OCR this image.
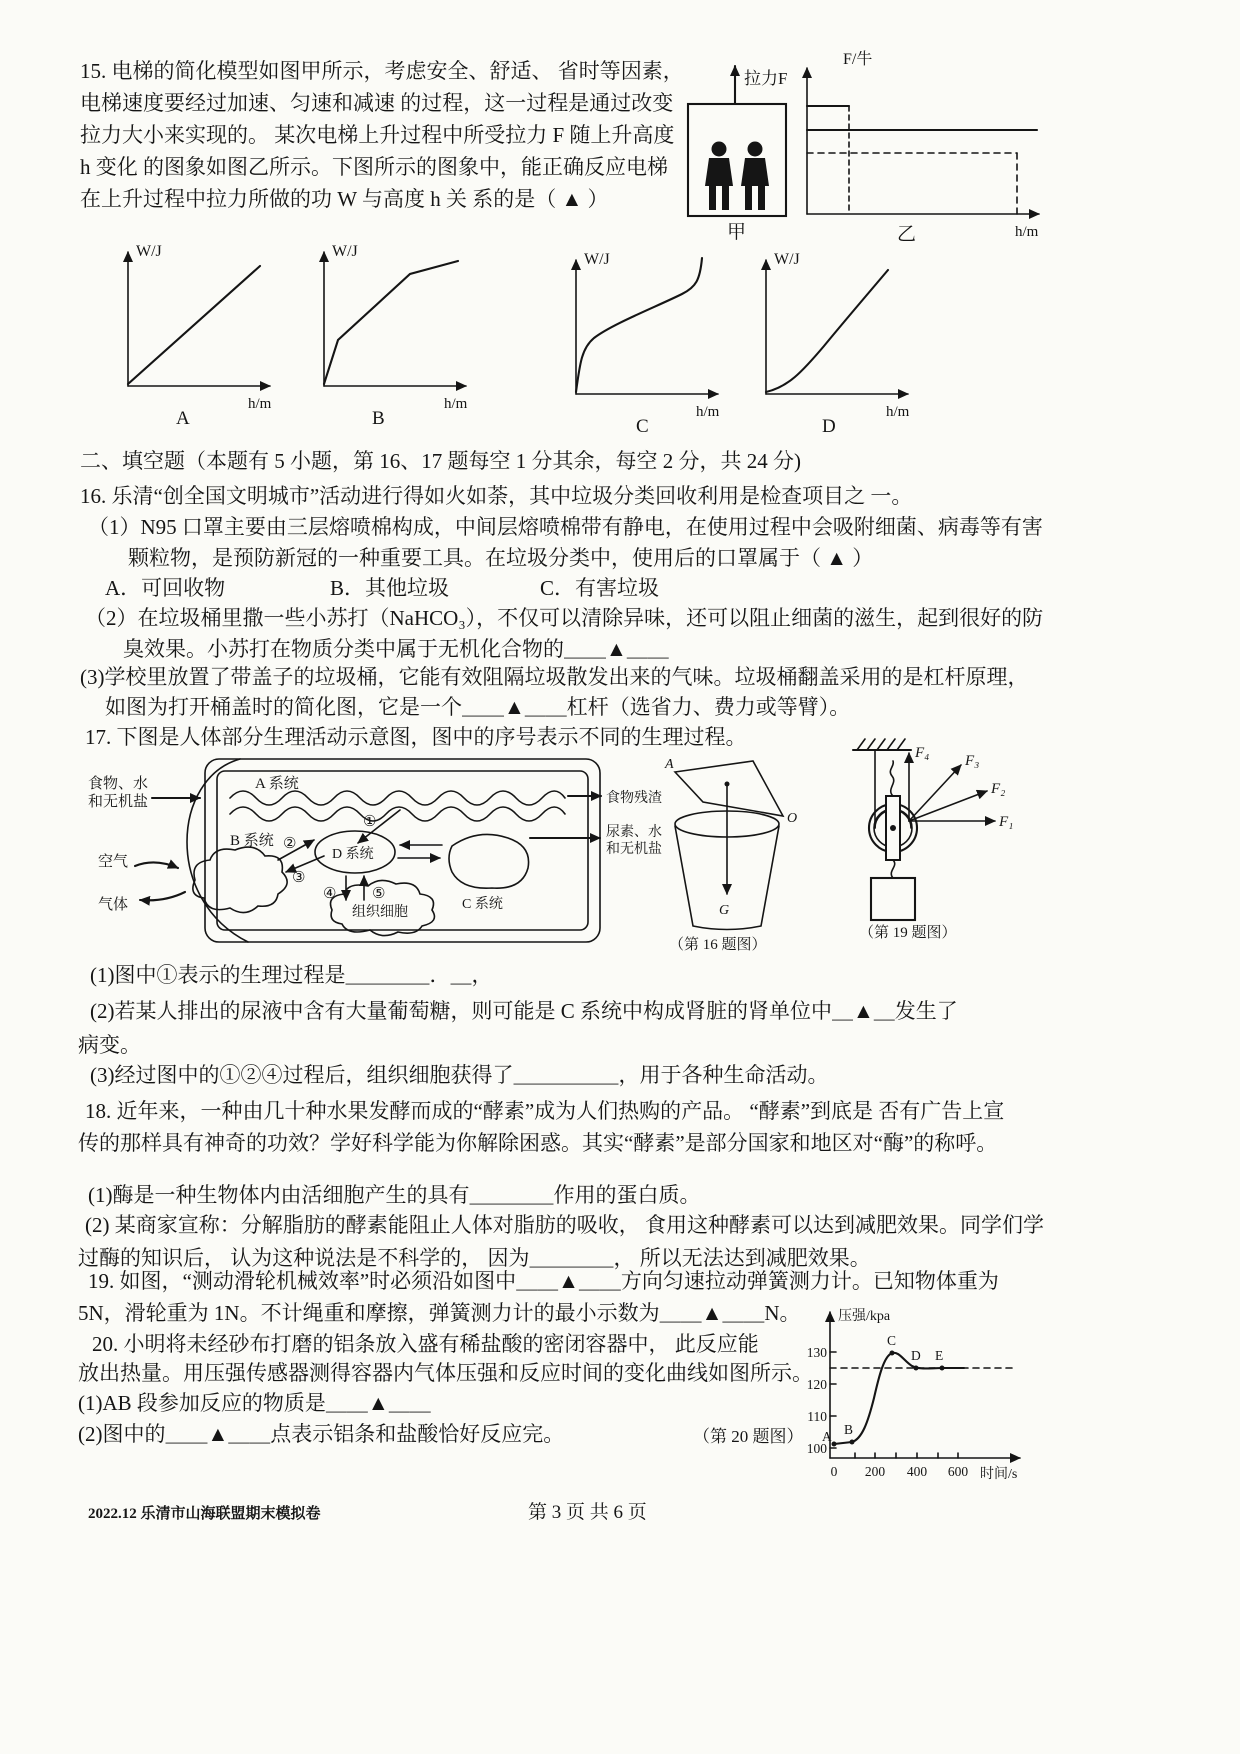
15. 电梯的简化模型如图甲所示，考虑安全、舒适、 省时等因素，
电梯速度要经过加速、匀速和减速 的过程，这一过程是通过改变
拉力大小来实现的。 某次电梯上升过程中所受拉力 F 随上升高度
h 变化 的图象如图乙所示。下图所示的图象中，能正确反应电梯
在上升过程中拉力所做的功 W 与高度 h 关 系的是（ ▲ ）
拉力F
甲
F/牛
h/m
乙
W/J
h/m
A
W/J
h/m
B
W/J
h/m
C
W/J
h/m
D
二、填空题（本题有 5 小题，第 16、17 题每空 1 分其余，每空 2 分，共 24 分)
16. 乐清“创全国文明城市”活动进行得如火如荼，其中垃圾分类回收利用是检查项目之 一。
（1）N95 口罩主要由三层熔喷棉构成，中间层熔喷棉带有静电，在使用过程中会吸附细菌、病毒等有害
颗粒物，是预防新冠的一种重要工具。在垃圾分类中，使用后的口罩属于（ ▲ ）
A．可回收物	B．其他垃圾	C．有害垃圾
（2）在垃圾桶里撒一些小苏打（NaHCO₃），不仅可以清除异味，还可以阻止细菌的滋生，起到很好的防
臭效果。小苏打在物质分类中属于无机化合物的＿＿▲＿＿
(3)学校里放置了带盖子的垃圾桶，它能有效阻隔垃圾散发出来的气味。垃圾桶翻盖采用的是杠杆原理，
如图为打开桶盖时的简化图，它是一个＿＿▲＿＿杠杆（选省力、费力或等臂）。
17. 下图是人体部分生理活动示意图，图中的序号表示不同的生理过程。
A 系统
食物、水
和无机盐	食物残渣
①
B 系统 ②
③
空气
气体
D 系统
C 系统
尿素、水
和无机盐
④ ⑤
组织细胞
A
O
G
（第 16 题图）
F₄ F₃
F₂
F₁
（第 19 题图）
(1)图中①表示的生理过程是＿＿＿＿．＿，
(2)若某人排出的尿液中含有大量葡萄糖，则可能是 C 系统中构成肾脏的肾单位中＿▲＿发生了
病变。
(3)经过图中的①②④过程后，组织细胞获得了＿＿＿＿＿，用于各种生命活动。
18. 近年来，一种由几十种水果发酵而成的“酵素”成为人们热购的产品。 “酵素”到底是 否有广告上宣
传的那样具有神奇的功效？学好科学能为你解除困惑。其实“酵素”是部分国家和地区对“酶”的称呼。
(1)酶是一种生物体内由活细胞产生的具有＿＿＿＿作用的蛋白质。
(2) 某商家宣称：分解脂肪的酵素能阻止人体对脂肪的吸收， 食用这种酵素可以达到减肥效果。同学们学
过酶的知识后， 认为这种说法是不科学的， 因为＿＿＿＿， 所以无法达到减肥效果。
19. 如图，“测动滑轮机械效率”时必须沿如图中＿＿▲＿＿方向匀速拉动弹簧测力计。已知物体重为
5N，滑轮重为 1N。不计绳重和摩擦，弹簧测力计的最小示数为＿＿▲＿＿N。
20. 小明将未经砂布打磨的铝条放入盛有稀盐酸的密闭容器中， 此反应能
放出热量。用压强传感器测得容器内气体压强和反应时间的变化曲线如图所示。
(1)AB 段参加反应的物质是＿＿▲＿＿
(2)图中的＿＿▲＿＿点表示铝条和盐酸恰好反应完。	（第 20 题图）
压强/kpa
130
120
110
100
0 200 400 600 时间/s
A B
C
D E
2022.12 乐清市山海联盟期末模拟卷	第 3 页 共 6 页
